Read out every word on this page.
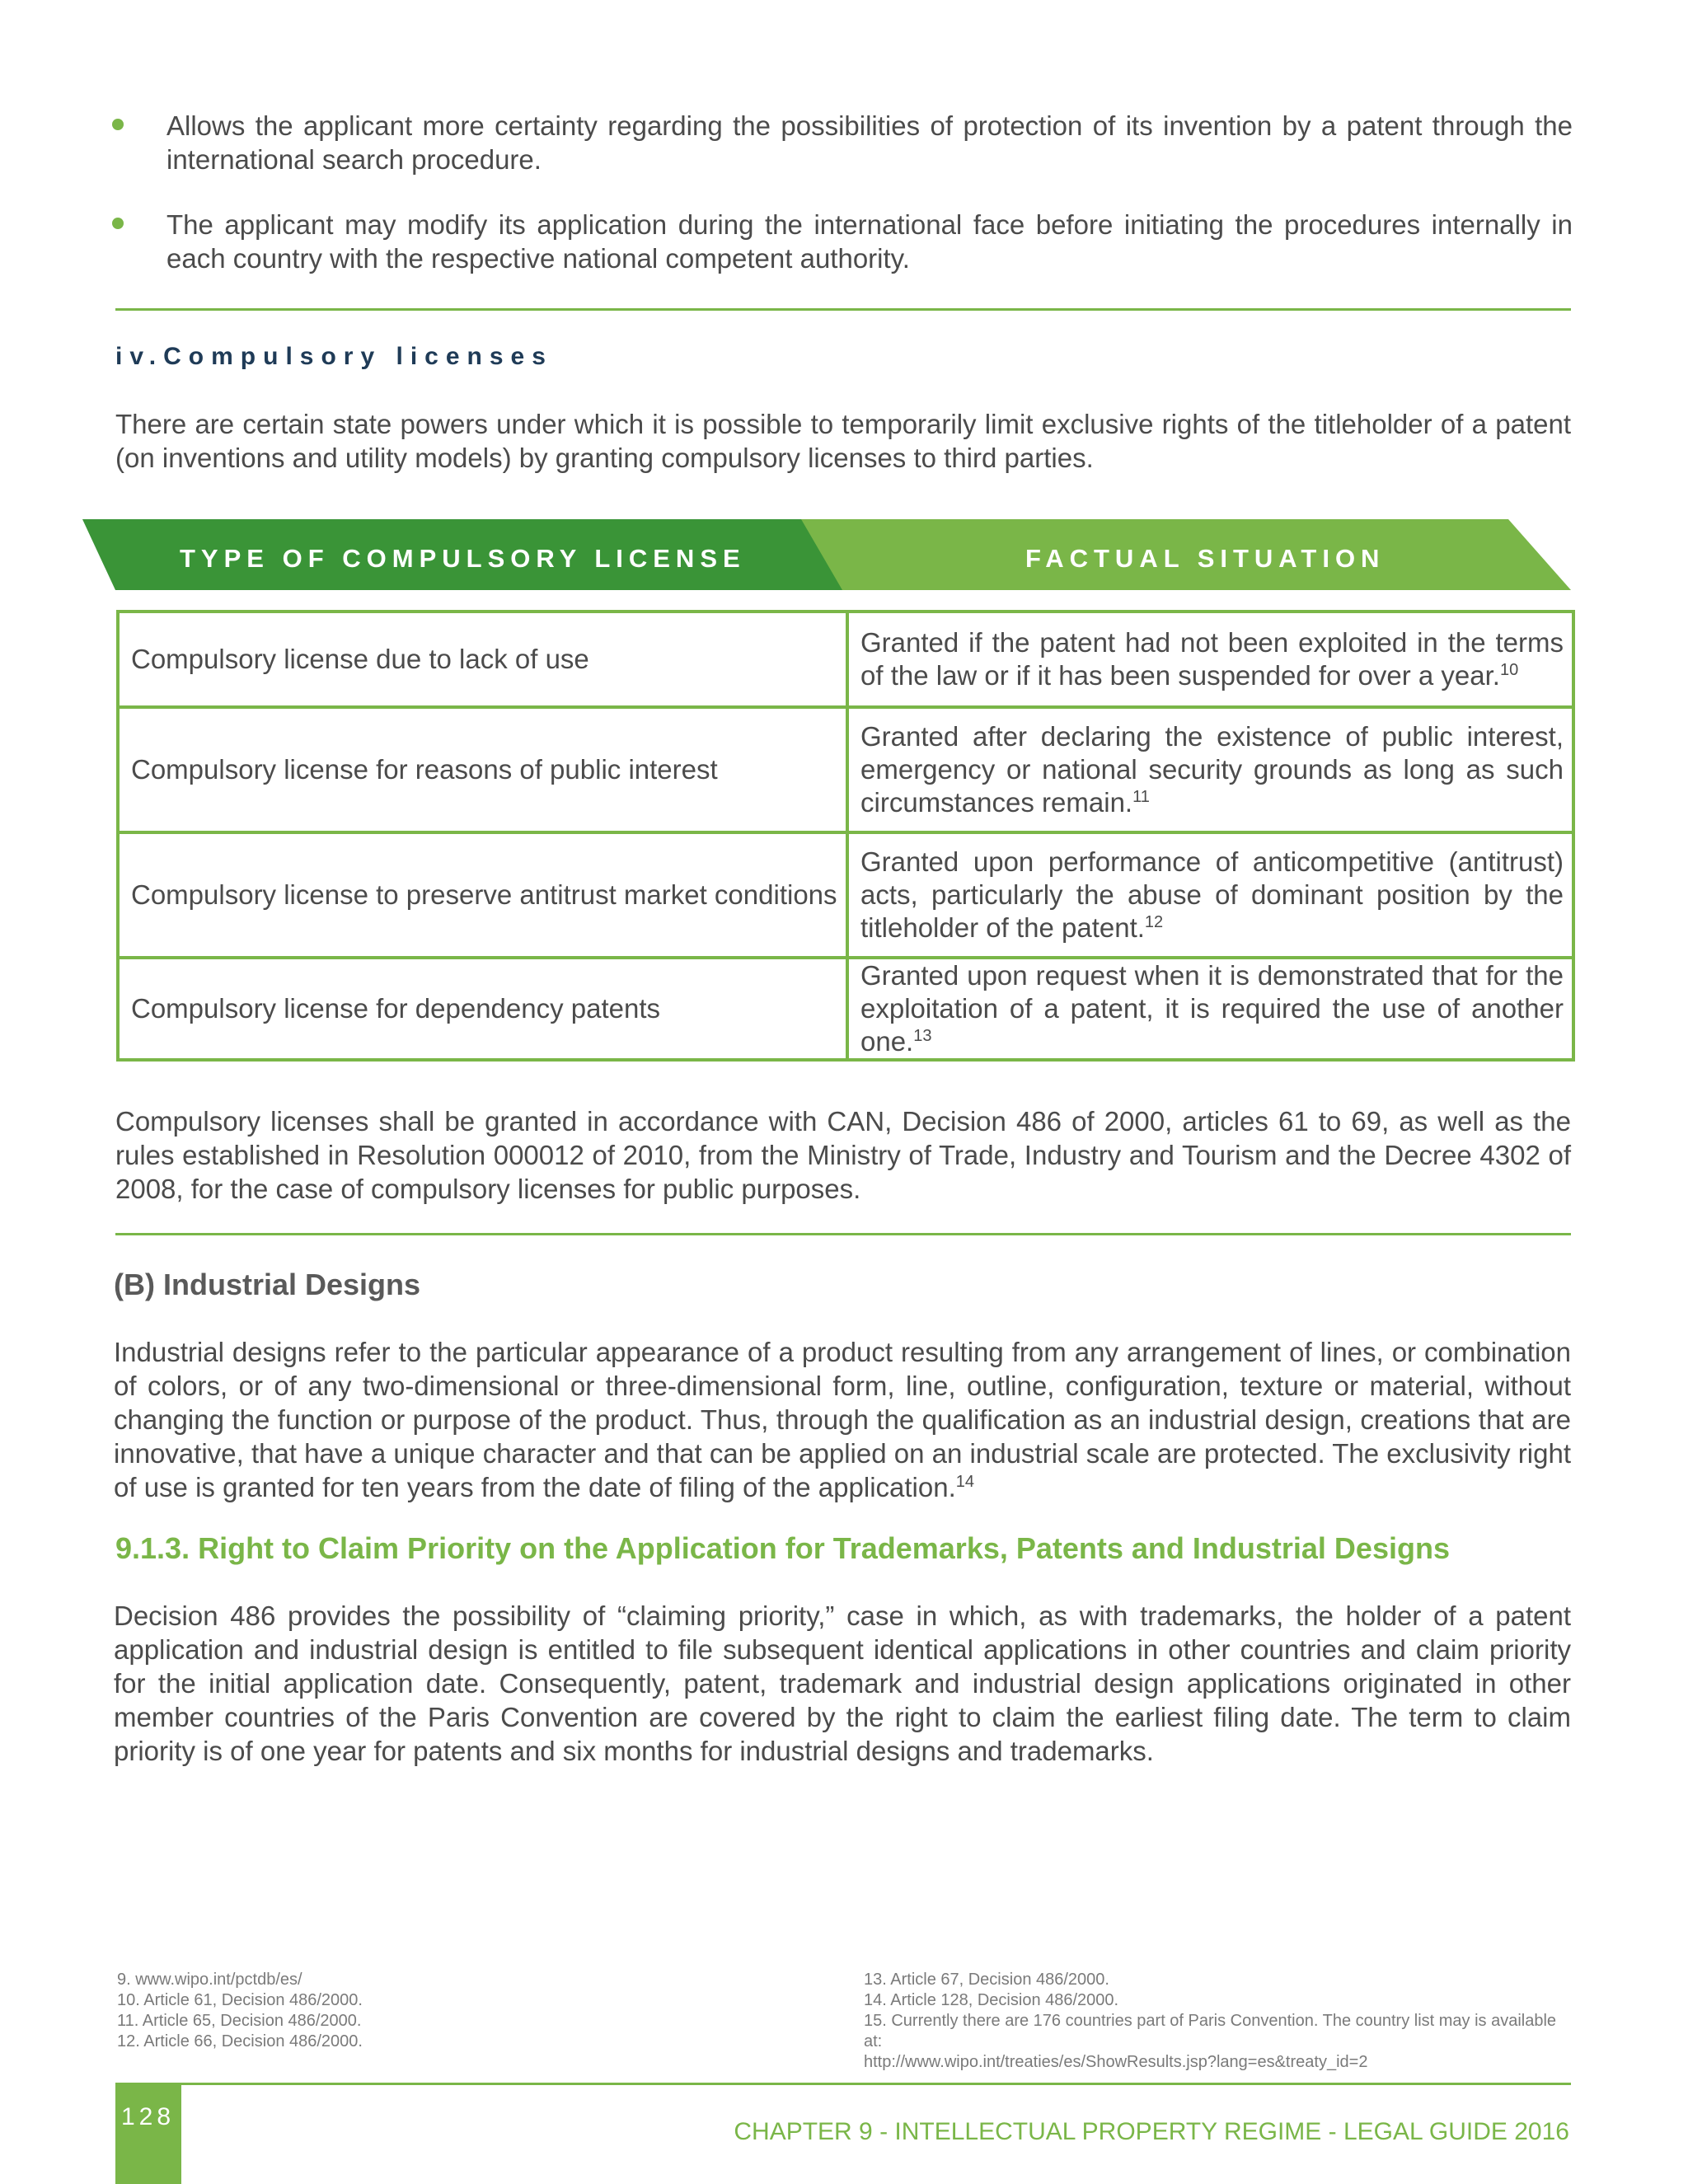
Allows the applicant more certainty regarding the possibilities of protection of its invention by a patent through the international search procedure.
The applicant may modify its application during the international face before initiating the procedures internally in each country with the respective national competent authority.
iv.Compulsory licenses
There are certain state powers under which it is possible to temporarily limit exclusive rights of the titleholder of a patent (on inventions and utility models) by granting compulsory licenses to third parties.
TYPE OF COMPULSORY LICENSE	FACTUAL SITUATION
Compulsory license due to lack of use	Granted if the patent had not been exploited in the terms of the law or if it has been suspended for over a year.$^{10}$
Compulsory license for reasons of public interest	Granted after declaring the existence of public interest, emergency or national security grounds as long as such circumstances remain.$^{11}$
Compulsory license to preserve antitrust market conditions	Granted upon performance of anticompetitive (antitrust) acts, particularly the abuse of dominant position by the titleholder of the patent.$^{12}$
Compulsory license for dependency patents	Granted upon request when it is demonstrated that for the exploitation of a patent, it is required the use of another one.$^{13}$
Compulsory licenses shall be granted in accordance with CAN, Decision 486 of 2000, articles 61 to 69, as well as the rules established in Resolution 000012 of 2010, from the Ministry of Trade, Industry and Tourism and the Decree 4302 of 2008, for the case of compulsory licenses for public purposes.
(B) Industrial Designs
Industrial designs refer to the particular appearance of a product resulting from any arrangement of lines, or combination of colors, or of any two-dimensional or three-dimensional form, line, outline, configuration, texture or material, without changing the function or purpose of the product. Thus, through the qualification as an industrial design, creations that are innovative, that have a unique character and that can be applied on an industrial scale are protected. The exclusivity right of use is granted for ten years from the date of filing of the application.$^{14}$
9.1.3. Right to Claim Priority on the Application for Trademarks, Patents and Industrial Designs
Decision 486 provides the possibility of “claiming priority,” case in which, as with trademarks, the holder of a patent application and industrial design is entitled to file subsequent identical applications in other countries and claim priority for the initial application date. Consequently, patent, trademark and industrial design applications originated in other member countries of the Paris Convention are covered by the right to claim the earliest filing date. The term to claim priority is of one year for patents and six months for industrial designs and trademarks.
9. www.wipo.int/pctdb/es/
10. Article 61, Decision 486/2000.
11. Article 65, Decision 486/2000.
12. Article 66, Decision 486/2000.
13. Article 67, Decision 486/2000.
14. Article 128, Decision 486/2000.
15. Currently there are 176 countries part of Paris Convention. The country list may is available at:
http://www.wipo.int/treaties/es/ShowResults.jsp?lang=es&treaty_id=2
128
CHAPTER 9 - INTELLECTUAL PROPERTY REGIME - LEGAL GUIDE 2016
